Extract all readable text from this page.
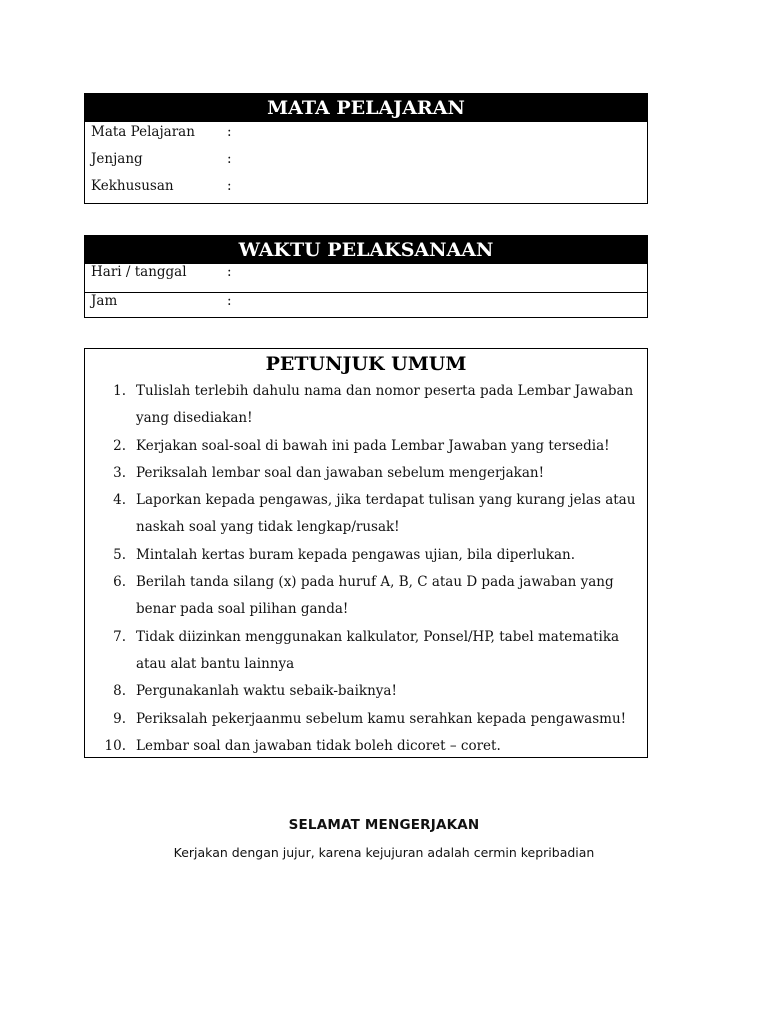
MATA PELAJARAN
Mata Pelajaran :
Jenjang	:
Kekhususan	:
WAKTU PELAKSANAAN
Hari / tanggal	:
Jam	:
PETUNJUK UMUM
1. Tulislah terlebih dahulu nama dan nomor peserta pada Lembar Jawaban yang disediakan!
2. Kerjakan soal-soal di bawah ini pada Lembar Jawaban yang tersedia!
3. Periksalah lembar soal dan jawaban sebelum mengerjakan!
4. Laporkan kepada pengawas, jika terdapat tulisan yang kurang jelas atau naskah soal yang tidak lengkap/rusak!
5. Mintalah kertas buram kepada pengawas ujian, bila diperlukan.
6. Berilah tanda silang (x) pada huruf A, B, C atau D pada jawaban yang benar pada soal pilihan ganda!
7. Tidak diizinkan menggunakan kalkulator, Ponsel/HP, tabel matematika atau alat bantu lainnya
8. Pergunakanlah waktu sebaik-baiknya!
9. Periksalah pekerjaanmu sebelum kamu serahkan kepada pengawasmu!
10. Lembar soal dan jawaban tidak boleh dicoret – coret.
SELAMAT MENGERJAKAN
Kerjakan dengan jujur, karena kejujuran adalah cermin kepribadian
